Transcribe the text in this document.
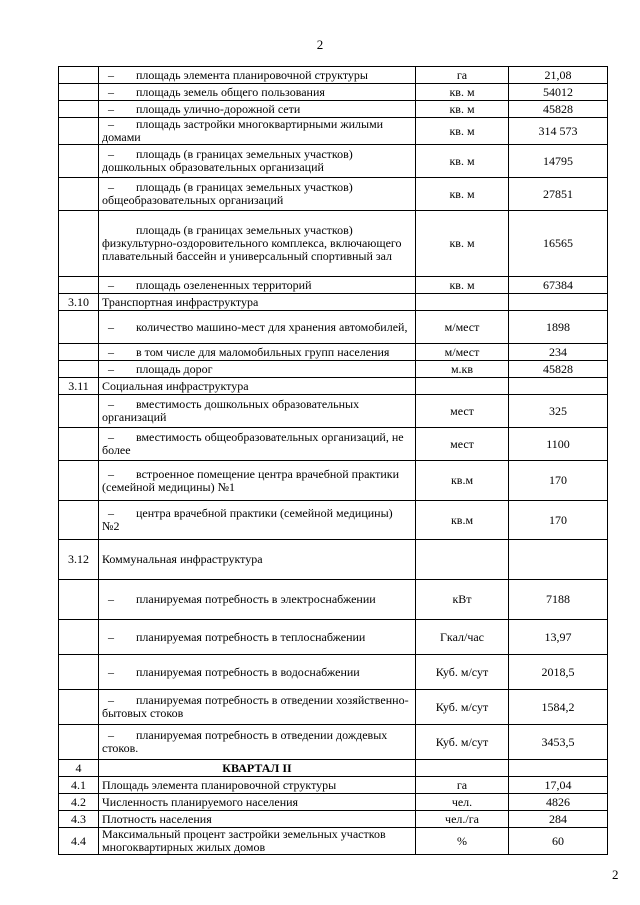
2
	– площадь элемента планировочной структуры	га	21,08
	– площадь земель общего пользования	кв. м	54012
	– площадь улично-дорожной сети	кв. м	45828
	– площадь застройки многоквартирными жилыми домами	кв. м	314 573
	– площадь (в границах земельных участков) дошкольных образовательных организаций	кв. м	14795
	– площадь (в границах земельных участков) общеобразовательных организаций	кв. м	27851
	площадь (в границах земельных участков) физкультурно-оздоровительного комплекса, включающего плавательный бассейн и универсальный спортивный зал	кв. м	16565
	– площадь озелененных территорий	кв. м	67384
3.10	Транспортная инфраструктура		
	– количество машино-мест для хранения автомобилей,	м/мест	1898
	– в том числе для маломобильных групп населения	м/мест	234
	– площадь дорог	м.кв	45828
3.11	Социальная инфраструктура		
	– вместимость дошкольных образовательных организаций	мест	325
	– вместимость общеобразовательных организаций, не более	мест	1100
	– встроенное помещение центра врачебной практики (семейной медицины) №1	кв.м	170
	– центра врачебной практики (семейной медицины) №2	кв.м	170
3.12	Коммунальная инфраструктура		
	– планируемая потребность в электроснабжении	кВт	7188
	– планируемая потребность в теплоснабжении	Гкал/час	13,97
	– планируемая потребность в водоснабжении	Куб. м/сут	2018,5
	– планируемая потребность в отведении хозяйственно-бытовых стоков	Куб. м/сут	1584,2
	– планируемая потребность в отведении дождевых стоков.	Куб. м/сут	3453,5
4	КВАРТАЛ II		
4.1	Площадь элемента планировочной структуры	га	17,04
4.2	Численность планируемого населения	чел.	4826
4.3	Плотность населения	чел./га	284
4.4	Максимальный процент застройки земельных участков многоквартирных жилых домов	%	60
2
